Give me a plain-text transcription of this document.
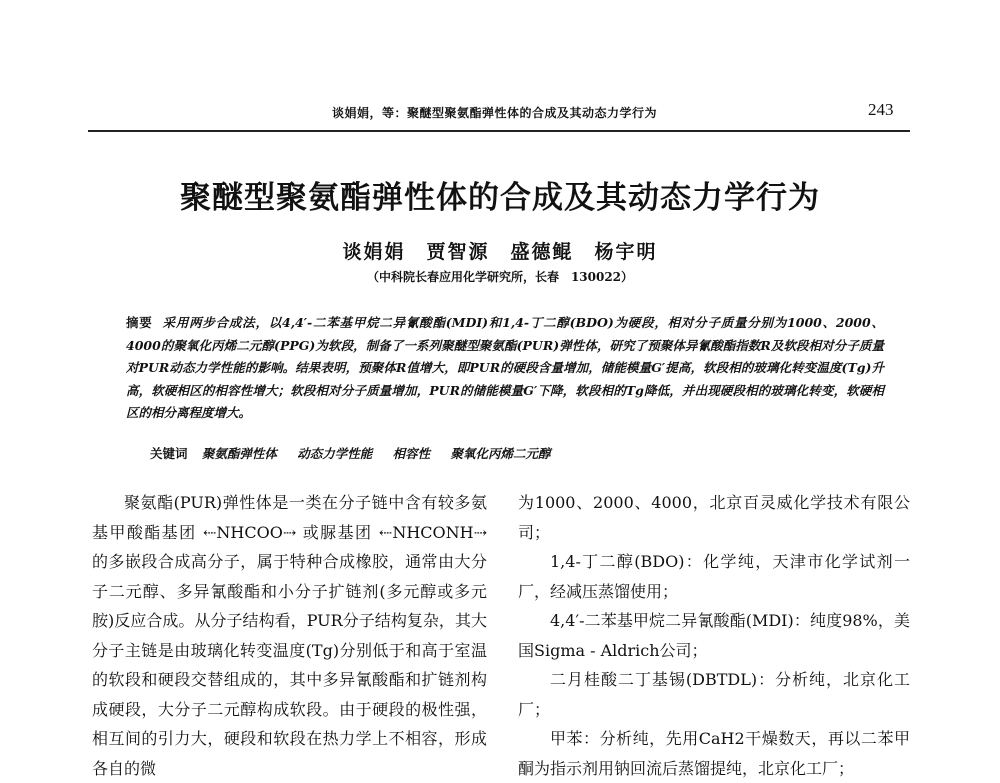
谈娟娟，等：聚醚型聚氨酯弹性体的合成及其动态力学行为	243
聚醚型聚氨酯弹性体的合成及其动态力学行为
谈娟娟　贾智源　盛德鲲　杨宇明
（中科院长春应用化学研究所，长春　130022）

摘要 采用两步合成法，以4,4′-二苯基甲烷二异氰酸酯(MDI)和1,4-丁二醇(BDO)为硬段，相对分子质量分别为1000、2000、4000的聚氧化丙烯二元醇(PPG)为软段，制备了一系列聚醚型聚氨酯(PUR)弹性体，研究了预聚体异氰酸酯指数R及软段相对分子质量对PUR动态力学性能的影响。结果表明，预聚体R值增大，即PUR的硬段含量增加，储能模量G′提高，软段相的玻璃化转变温度(Tg)升高，软硬相区的相容性增大；软段相对分子质量增加，PUR的储能模量G′下降，软段相的Tg降低，并出现硬段相的玻璃化转变，软硬相区的相分离程度增大。

关键词 聚氨酯弹性体 动态力学性能 相容性 聚氧化丙烯二元醇

聚氨酯(PUR)弹性体是一类在分子链中含有较多氨基甲酸酯基团 ⇠NHCOO⇢ 或脲基团 ⇠NHCONH⇢ 的多嵌段合成高分子，属于特种合成橡胶，通常由大分子二元醇、多异氰酸酯和小分子扩链剂(多元醇或多元胺)反应合成。从分子结构看，PUR分子结构复杂，其大分子主链是由玻璃化转变温度(Tg)分别低于和高于室温的软段和硬段交替组成的，其中多异氰酸酯和扩链剂构成硬段，大分子二元醇构成软段。由于硬段的极性强，相互间的引力大，硬段和软段在热力学上不相容，形成各自的微

为1000、2000、4000，北京百灵威化学技术有限公司；

1,4-丁二醇(BDO)：化学纯，天津市化学试剂一厂，经减压蒸馏使用；

4,4′-二苯基甲烷二异氰酸酯(MDI)：纯度98%，美国Sigma - Aldrich公司；

二月桂酸二丁基锡(DBTDL)：分析纯，北京化工厂；

甲苯：分析纯，先用CaH2干燥数天，再以二苯甲酮为指示剂用钠回流后蒸馏提纯，北京化工厂；
